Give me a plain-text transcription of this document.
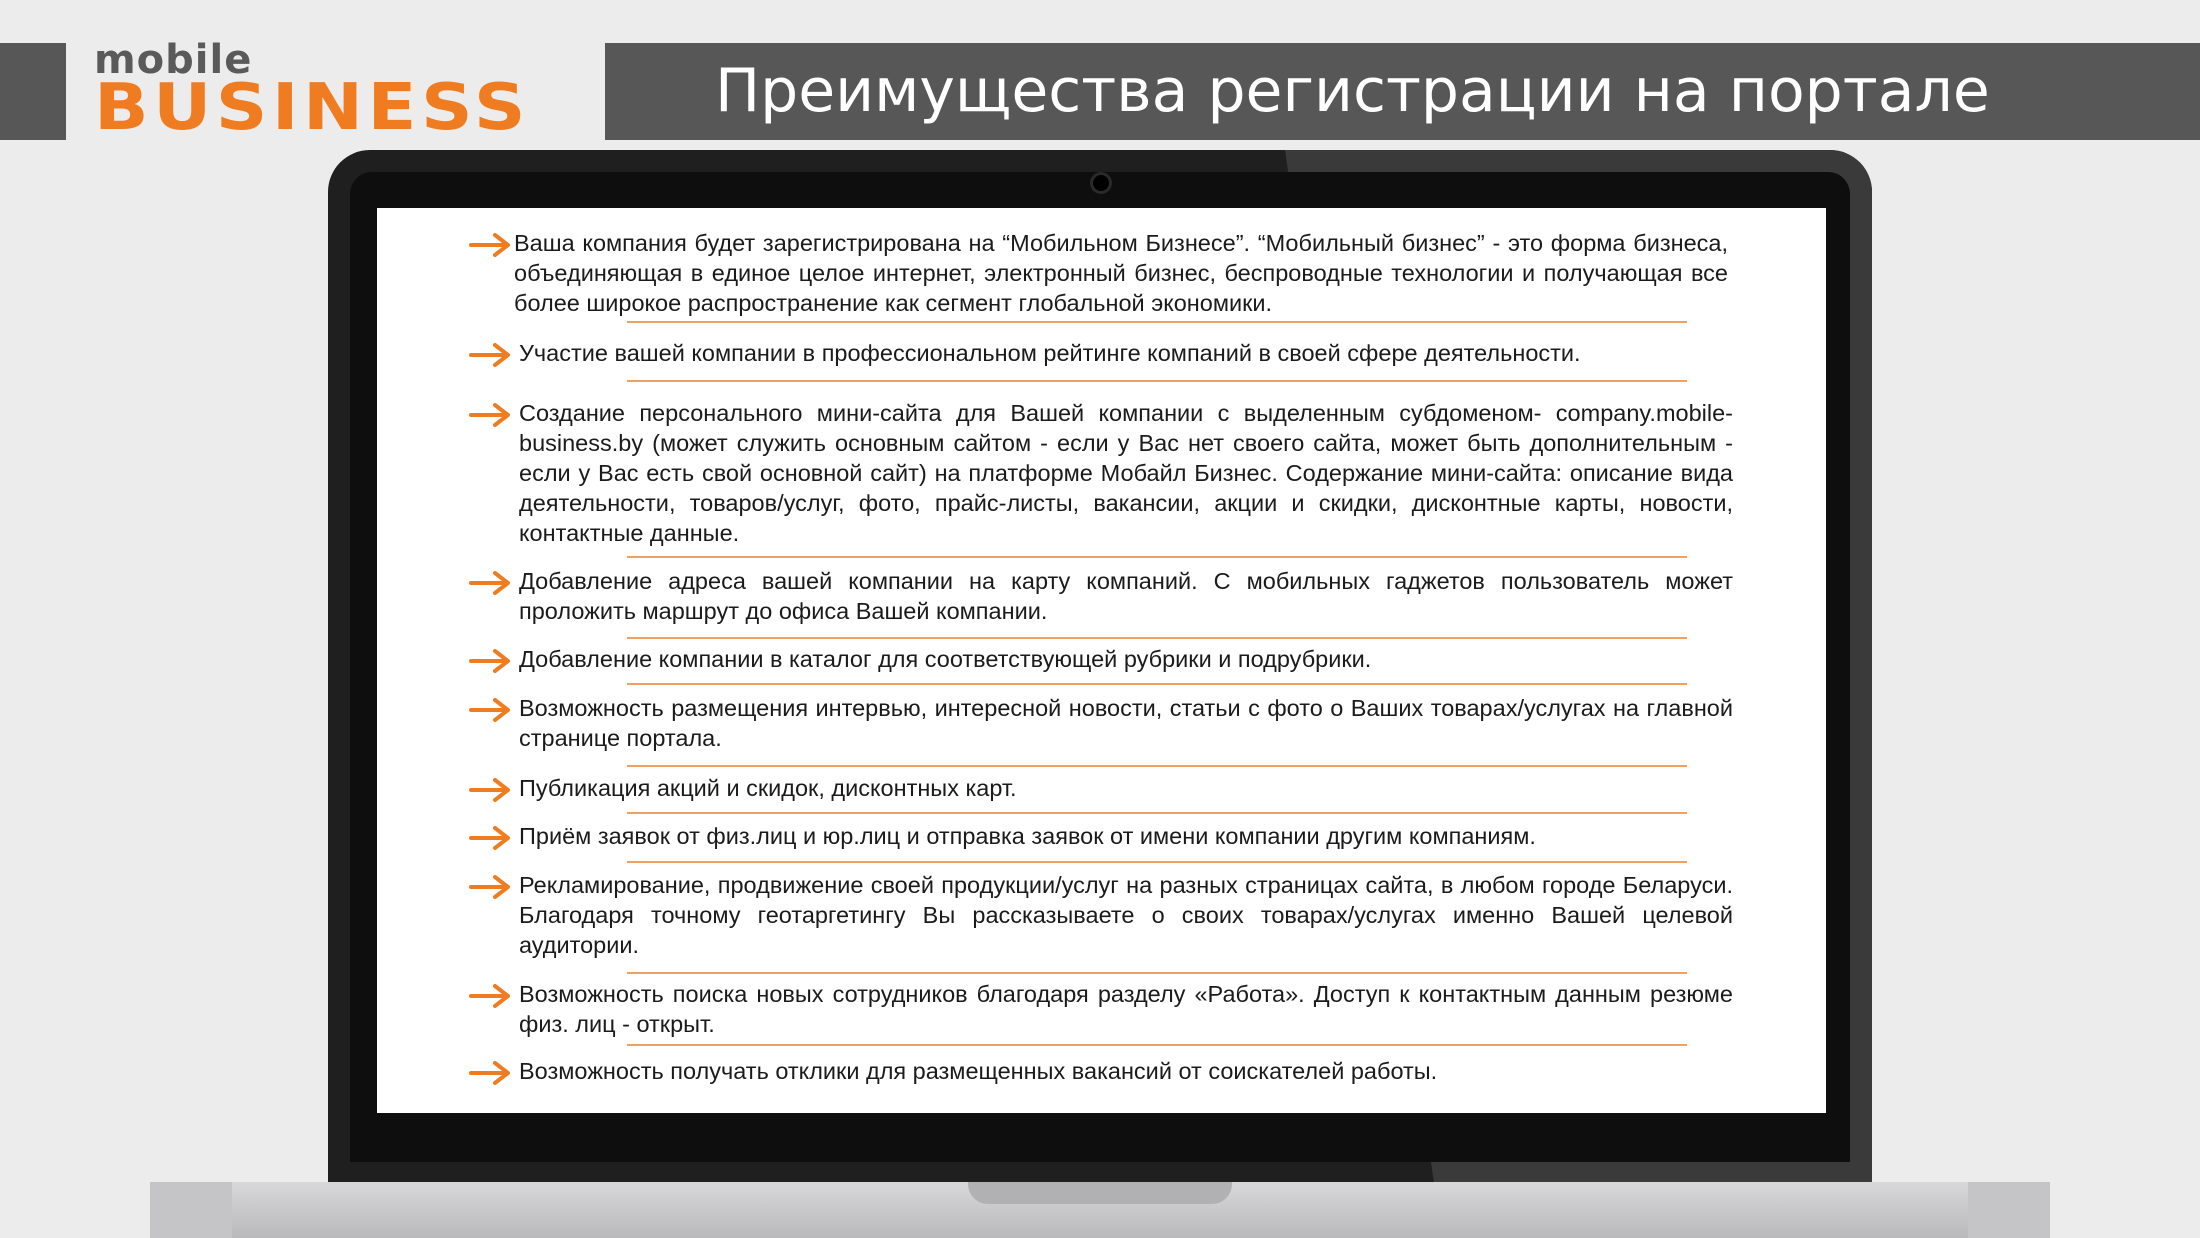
mobile
BUSINESS	Преимущества регистрации на портале
Ваша компания будет зарегистрирована на “Мобильном Бизнесе”. “Мобильный бизнес” - это форма бизнеса, объединяющая в единое целое интернет, электронный бизнес, беспроводные технологии и получающая все более широкое распространение как сегмент глобальной экономики.
Участие вашей компании в профессиональном рейтинге компаний в своей сфере деятельности.
Создание персонального мини-сайта для Вашей компании с выделенным субдоменом- company.mobile-business.by (может служить основным сайтом - если у Вас нет своего сайта, может быть дополнительным - если у Вас есть свой основной сайт) на платформе Мобайл Бизнес. Содержание мини-сайта: описание вида деятельности, товаров/услуг, фото, прайс-листы, вакансии, акции и скидки, дисконтные карты, новости, контактные данные.
Добавление адреса вашей компании на карту компаний. С мобильных гаджетов пользователь может проложить маршрут до офиса Вашей компании.
Добавление компании в каталог для соответствующей рубрики и подрубрики.
Возможность размещения интервью, интересной новости, статьи с фото о Ваших товарах/услугах на главной странице портала.
Публикация акций и скидок, дисконтных карт.
Приём заявок от физ.лиц и юр.лиц и отправка заявок от имени компании другим компаниям.
Рекламирование, продвижение своей продукции/услуг на разных страницах сайта, в любом городе Беларуси. Благодаря точному геотаргетингу Вы рассказываете о своих товарах/услугах именно Вашей целевой аудитории.
Возможность поиска новых сотрудников благодаря разделу «Работа». Доступ к контактным данным резюме физ. лиц - открыт.
Возможность получать отклики для размещенных вакансий от соискателей работы.
